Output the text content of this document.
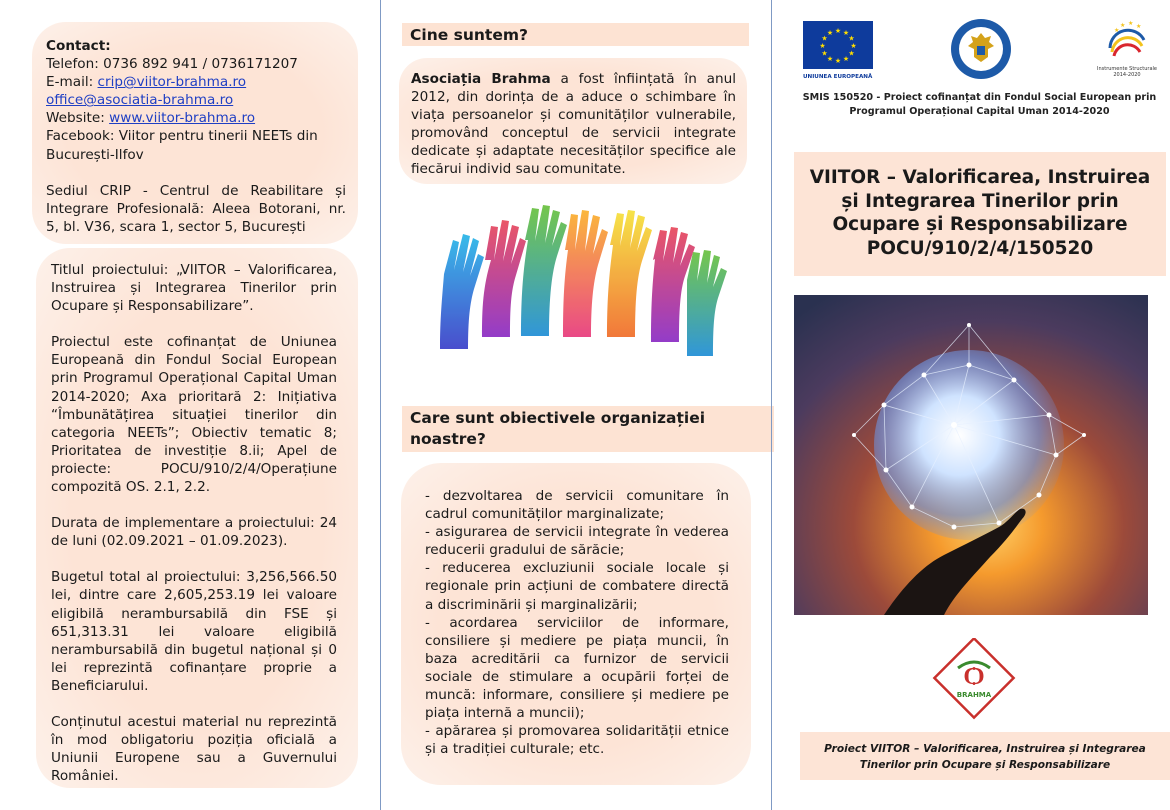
Contact:
Telefon: 0736 892 941 / 0736171207
E-mail: crip@viitor-brahma.ro
office@asociatia-brahma.ro
Website: www.viitor-brahma.ro
Facebook: Viitor pentru tinerii NEETs din București-Ilfov
Sediul CRIP - Centrul de Reabilitare și Integrare Profesională: Aleea Botorani, nr. 5, bl. V36, scara 1, sector 5, București

Titlul proiectului: „VIITOR – Valorificarea, Instruirea și Integrarea Tinerilor prin Ocupare și Responsabilizare”.

Proiectul este cofinanțat de Uniunea Europeană din Fondul Social European prin Programul Operațional Capital Uman 2014-2020; Axa prioritară 2: Inițiativa “Îmbunătățirea situației tinerilor din categoria NEETs”; Obiectiv tematic 8; Prioritatea de investiție 8.ii; Apel de proiecte: POCU/910/2/4/Operațiune compozită OS. 2.1, 2.2.

Durata de implementare a proiectului: 24 de luni (02.09.2021 – 01.09.2023).

Bugetul total al proiectului: 3,256,566.50 lei, dintre care 2,605,253.19 lei valoare eligibilă nerambursabilă din FSE și 651,313.31 lei valoare eligibilă nerambursabilă din bugetul național și 0 lei reprezintă cofinanțare proprie a Beneficiarului.

Conținutul acestui material nu reprezintă în mod obligatoriu poziția oficială a Uniunii Europene sau a Guvernului României.

Cine suntem?
Asociația Brahma a fost înființată în anul 2012, din dorința de a aduce o schimbare în viața persoanelor și comunităților vulnerabile, promovând conceptul de servicii integrate dedicate și adaptate necesităților specifice ale fiecărui individ sau comunitate.
Care sunt obiectivele organizației noastre?
- dezvoltarea de servicii comunitare în cadrul comunităților marginalizate;
- asigurarea de servicii integrate în vederea reducerii gradului de sărăcie;
- reducerea excluziunii sociale locale și regionale prin acțiuni de combatere directă a discriminării și marginalizării;
- acordarea serviciilor de informare, consiliere și mediere pe piața muncii, în baza acreditării ca furnizor de servicii sociale de stimulare a ocupării forței de muncă: informare, consiliere și mediere pe piața internă a muncii);
- apărarea și promovarea solidarității etnice și a tradiției culturale; etc.
★ ★
★
★
★
★
★
★
★
★
★
★
UNIUNEA EUROPEANĂ
★ ★ ★
★
Instrumente Structurale 2014-2020
SMIS 150520 - Proiect cofinanțat din Fondul Social European prin
Programul Operațional Capital Uman 2014-2020
VIITOR – Valorificarea, Instruirea și Integrarea Tinerilor prin Ocupare și Responsabilizare
POCU/910/2/4/150520
Ѻ
BRAHMA
Proiect VIITOR – Valorificarea, Instruirea și Integrarea
Tinerilor prin Ocupare și Responsabilizare
